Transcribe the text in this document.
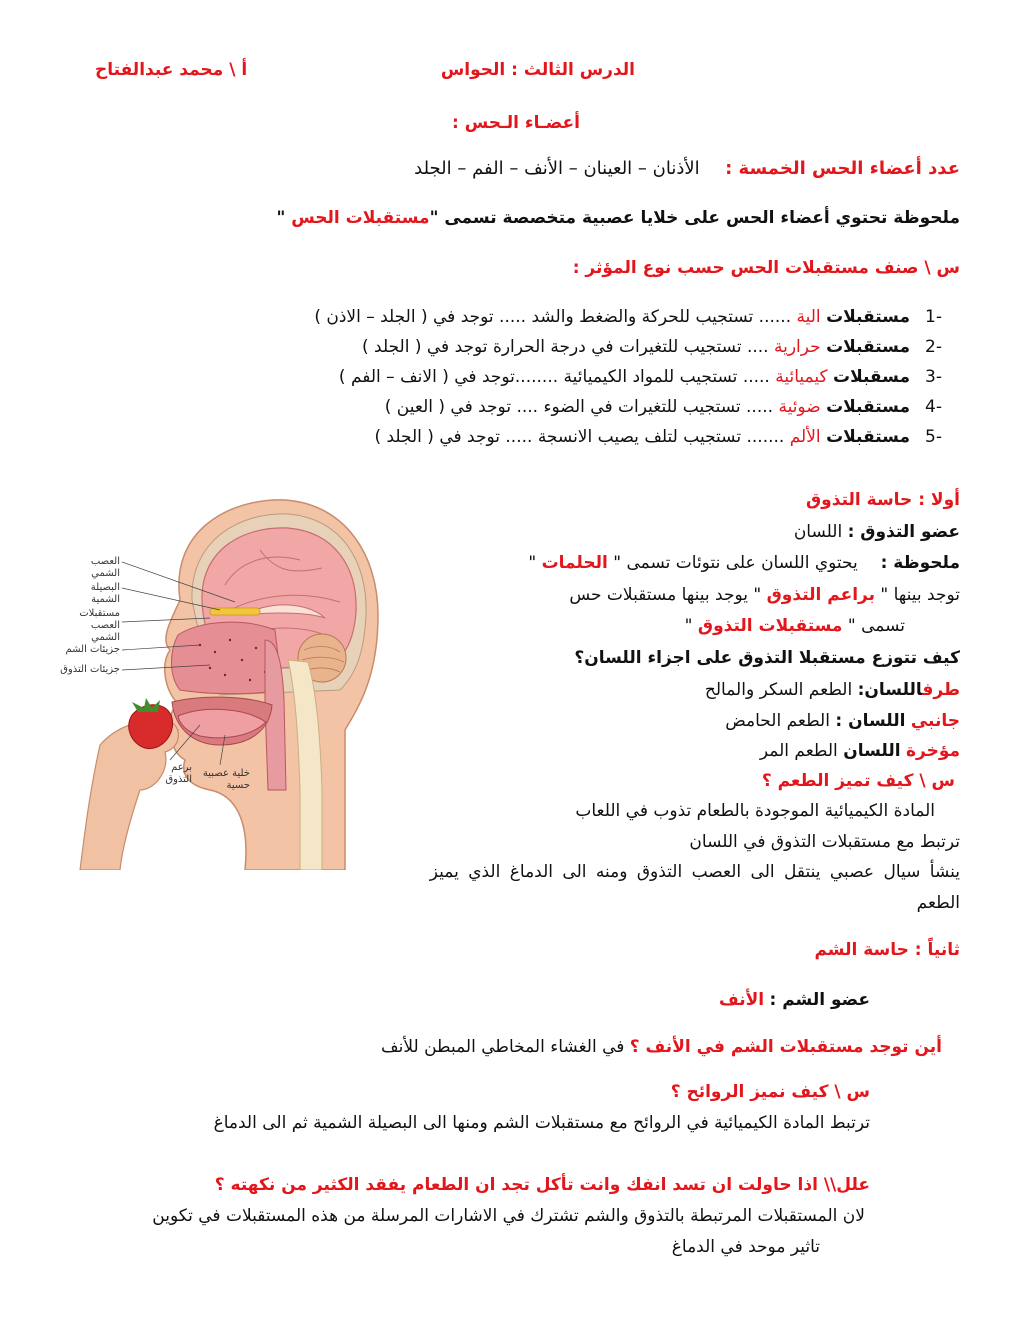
الدرس الثالث : الحواس
أ \ محمد عبدالفتاح
أعضـاء الـحس :
عدد أعضاء الحس الخمسة :  الأذنان – العينان – الأنف – الفم – الجلد
ملحوظة تحتوي أعضاء الحس على خلايا عصبية متخصصة تسمى "مستقبلات الحس "
س \ صنف مستقبلات الحس حسب نوع المؤثر :
1-
مستقبلات الية ...... تستجيب للحركة والضغط والشد ..... توجد في ( الجلد – الاذن )
2-
مستقبلات حرارية .... تستجيب للتغيرات في درجة الحرارة توجد في ( الجلد )
3-
مسقبلات كيميائية ..... تستجيب للمواد الكيميائية ........توجد في ( الانف – الفم )
4-
مستقبلات ضوئية ..... تستجيب للتغيرات في الضوء .... توجد في ( العين )
5-
مستقبلات الألم ....... تستجيب لتلف يصيب الانسجة ..... توجد في ( الجلد )
أولا : حاسة التذوق
عضو التذوق : اللسان
ملحوظة :  يحتوي اللسان على نتوئات تسمى " الحلمات "
توجد بينها " براعم التذوق " يوجد بينها مستقبلات حس
تسمى " مستقبلات التذوق "
كيف تتوزع مستقبلا التذوق على اجزاء اللسان؟
طرفاللسان: الطعم السكر والمالح
جانبي اللسان : الطعم الحامض
مؤخرة اللسان الطعم المر
س \ كيف تميز الطعم ؟
المادة الكيميائية الموجودة بالطعام تذوب في اللعاب
ترتبط مع مستقبلات التذوق في اللسان
ينشأ سيال عصبي ينتقل الى العصب التذوق ومنه الى الدماغ الذي يميز
الطعم
العصب الشمي
البصيلة الشمية
مستقبلات العصب الشمي
جزيئات الشم
جزيئات التذوق
برعم التذوق
خلية عصبية حسية
ثانياً : حاسة الشم
عضو الشم : الأنف
أين توجد مستقبلات الشم في الأنف ؟ في الغشاء المخاطي المبطن للأنف
س \ كيف نميز الروائح ؟
ترتبط المادة الكيميائية في الروائح مع مستقبلات الشم ومنها الى البصيلة الشمية ثم الى الدماغ
علل\\ اذا حاولت ان تسد انفك وانت تأكل تجد ان الطعام يفقد الكثير من نكهته ؟
لان المستقبلات المرتبطة بالتذوق والشم تشترك في الاشارات المرسلة من هذه المستقبلات في تكوين
تاثير موحد في الدماغ
